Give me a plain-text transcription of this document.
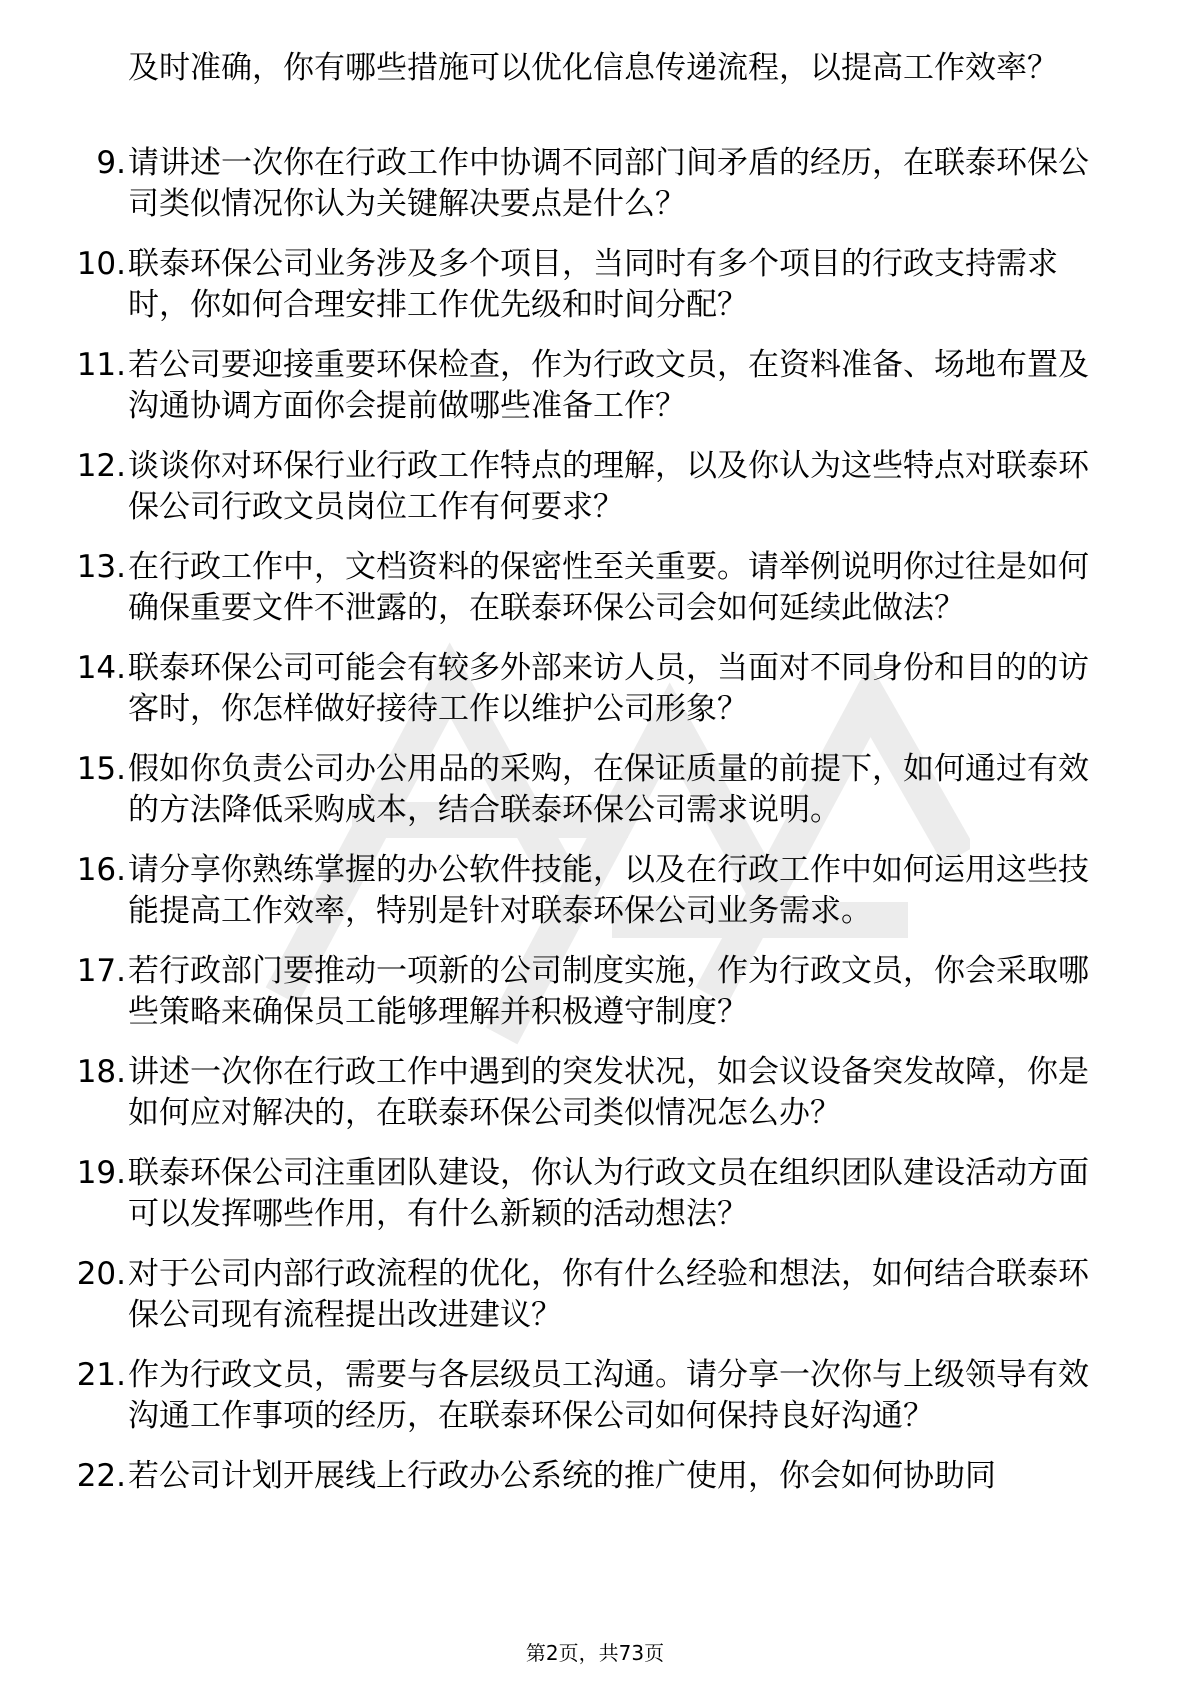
及时准确，你有哪些措施可以优化信息传递流程，以提高工作效率？

9. 请讲述一次你在行政工作中协调不同部门间矛盾的经历，在联泰环保公司类似情况你认为关键解决要点是什么？
10. 联泰环保公司业务涉及多个项目，当同时有多个项目的行政支持需求时，你如何合理安排工作优先级和时间分配？
11. 若公司要迎接重要环保检查，作为行政文员，在资料准备、场地布置及沟通协调方面你会提前做哪些准备工作？
12. 谈谈你对环保行业行政工作特点的理解，以及你认为这些特点对联泰环保公司行政文员岗位工作有何要求？
13. 在行政工作中，文档资料的保密性至关重要。请举例说明你过往是如何确保重要文件不泄露的，在联泰环保公司会如何延续此做法？
14. 联泰环保公司可能会有较多外部来访人员，当面对不同身份和目的的访客时，你怎样做好接待工作以维护公司形象？
15. 假如你负责公司办公用品的采购，在保证质量的前提下，如何通过有效的方法降低采购成本，结合联泰环保公司需求说明。
16. 请分享你熟练掌握的办公软件技能，以及在行政工作中如何运用这些技能提高工作效率，特别是针对联泰环保公司业务需求。
17. 若行政部门要推动一项新的公司制度实施，作为行政文员，你会采取哪些策略来确保员工能够理解并积极遵守制度？
18. 讲述一次你在行政工作中遇到的突发状况，如会议设备突发故障，你是如何应对解决的，在联泰环保公司类似情况怎么办？
19. 联泰环保公司注重团队建设，你认为行政文员在组织团队建设活动方面可以发挥哪些作用，有什么新颖的活动想法？
20. 对于公司内部行政流程的优化，你有什么经验和想法，如何结合联泰环保公司现有流程提出改进建议？
21. 作为行政文员，需要与各层级员工沟通。请分享一次你与上级领导有效沟通工作事项的经历，在联泰环保公司如何保持良好沟通？
22. 若公司计划开展线上行政办公系统的推广使用，你会如何协助同
第2页，共73页
